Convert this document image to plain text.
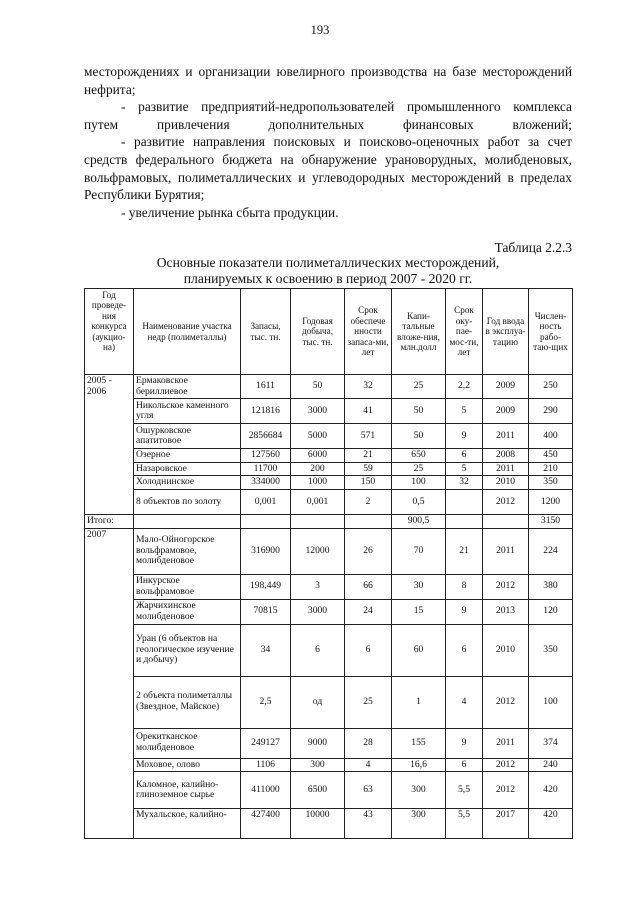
193

месторождениях и организации ювелирного производства на базе месторождений нефрита;

- развитие предприятий-недропользователей промышленного комплекса путем привлечения дополнительных финансовых вложений;

- развитие направления поисковых и поисково-оценочных работ за счет средств федерального бюджета на обнаружение урановорудных, молибденовых, вольфрамовых, полиметаллических и углеводородных месторождений в пределах Республики Бурятия;

- увеличение рынка сбыта продукции.

Таблица 2.2.3
Основные показатели полиметаллических месторождений,
планируемых к освоению в период 2007 - 2020 гг.
Год проведе-ния конкурса (аукцио-на)	Наименование участка недр (полиметаллы)	Запасы, тыс. тн.	Годовая добыча, тыс. тн.	Срок обеспече нности запаса-ми, лет	Капи-тальные вложе-ния, млн.долл	Срок оку-пае-мос-ти, лет	Год ввода в эксплуа-тацию	Числен-ность рабо-таю-щих
2005 - 2006	Ермаковское бериллиевое	1611	50	32	25	2,2	2009	250
	Никольское каменного угля	121816	3000	41	50	5	2009	290
	Ошурковское апатитовое	2856684	5000	571	50	9	2011	400
	Озерное	127560	6000	21	650	6	2008	450
	Назаровское	11700	200	59	25	5	2011	210
	Холоднинское	334000	1000	150	100	32	2010	350
	8 объектов по золоту	0,001	0,001	2	0,5		2012	1200
Итого:					900,5			3150
2007	Мало-Ойногорское вольфрамовое, молибденовое	316900	12000	26	70	21	2011	224
	Инкурское вольфрамовое	198,449	3	66	30	8	2012	380
	Жарчихинское молибденовое	70815	3000	24	15	9	2013	120
	Уран (6 объектов на геологическое изучение и добычу)	34	6	6	60	6	2010	350
	2 объекта полиметаллы (Звездное, Майское)	2,5	од	25	1	4	2012	100
	Орекитканское молибденовое	249127	9000	28	155	9	2011	374
	Моховое, олово	1106	300	4	16,6	6	2012	240
	Каломное, калийно-глиноземное сырье	411000	6500	63	300	5,5	2012	420
	Мухальское, калийно-	427400	10000	43	300	5,5	2017	420
